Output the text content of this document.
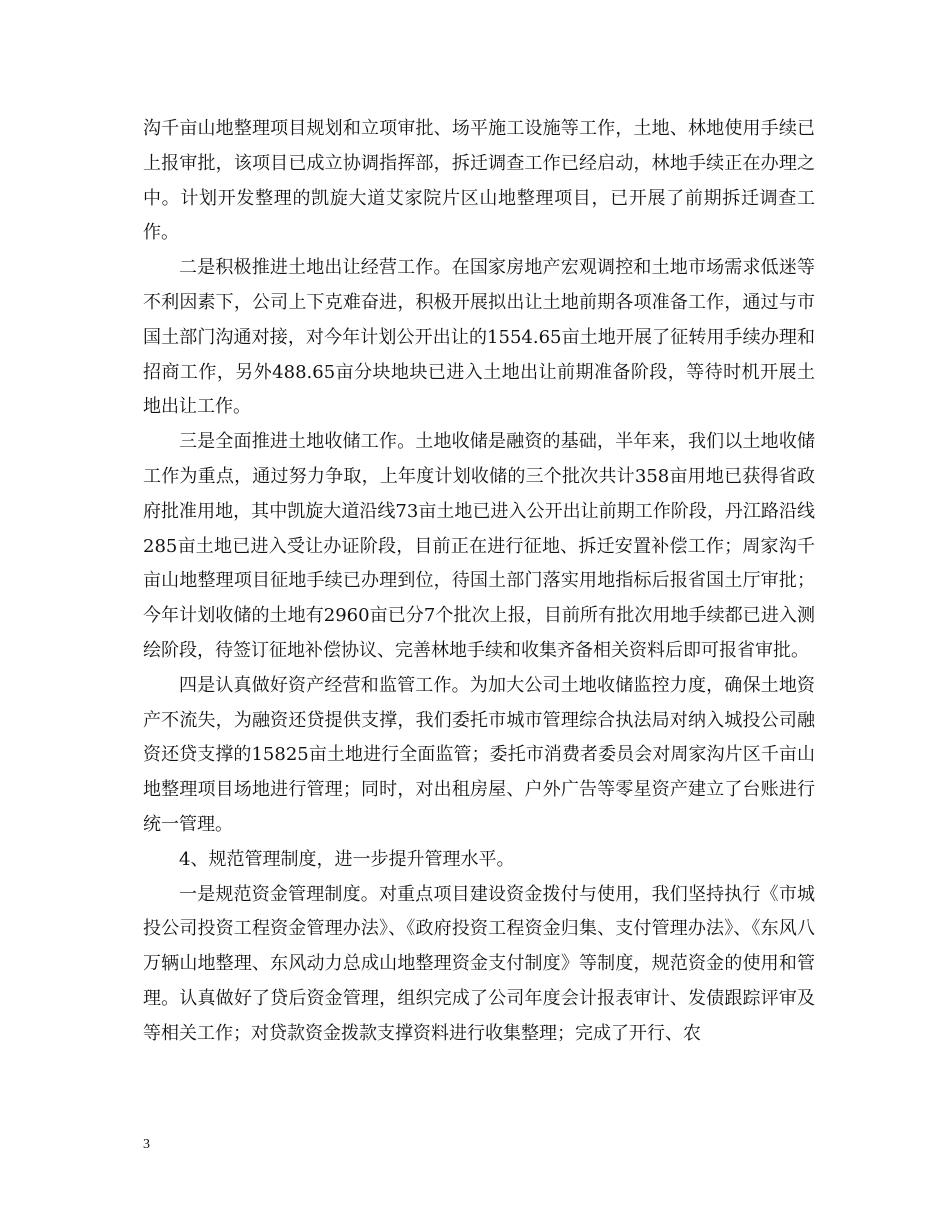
沟千亩山地整理项目规划和立项审批、场平施工设施等工作，土地、林地使用手续已上报审批，该项目已成立协调指挥部，拆迁调查工作已经启动，林地手续正在办理之中。计划开发整理的凯旋大道艾家院片区山地整理项目，已开展了前期拆迁调查工作。

二是积极推进土地出让经营工作。在国家房地产宏观调控和土地市场需求低迷等不利因素下，公司上下克难奋进，积极开展拟出让土地前期各项准备工作，通过与市国土部门沟通对接，对今年计划公开出让的1554.65亩土地开展了征转用手续办理和招商工作，另外488.65亩分块地块已进入土地出让前期准备阶段，等待时机开展土地出让工作。

三是全面推进土地收储工作。土地收储是融资的基础，半年来，我们以土地收储工作为重点，通过努力争取，上年度计划收储的三个批次共计358亩用地已获得省政府批准用地，其中凯旋大道沿线73亩土地已进入公开出让前期工作阶段，丹江路沿线285亩土地已进入受让办证阶段，目前正在进行征地、拆迁安置补偿工作；周家沟千亩山地整理项目征地手续已办理到位，待国土部门落实用地指标后报省国土厅审批；今年计划收储的土地有2960亩已分7个批次上报，目前所有批次用地手续都已进入测绘阶段，待签订征地补偿协议、完善林地手续和收集齐备相关资料后即可报省审批。

四是认真做好资产经营和监管工作。为加大公司土地收储监控力度，确保土地资产不流失，为融资还贷提供支撑，我们委托市城市管理综合执法局对纳入城投公司融资还贷支撑的15825亩土地进行全面监管；委托市消费者委员会对周家沟片区千亩山地整理项目场地进行管理；同时，对出租房屋、户外广告等零星资产建立了台账进行统一管理。

4、规范管理制度，进一步提升管理水平。

一是规范资金管理制度。对重点项目建设资金拨付与使用，我们坚持执行《市城投公司投资工程资金管理办法》、《政府投资工程资金归集、支付管理办法》、《东风八万辆山地整理、东风动力总成山地整理资金支付制度》等制度，规范资金的使用和管理。认真做好了贷后资金管理，组织完成了公司年度会计报表审计、发债跟踪评审及等相关工作；对贷款资金拨款支撑资料进行收集整理；完成了开行、农

3
